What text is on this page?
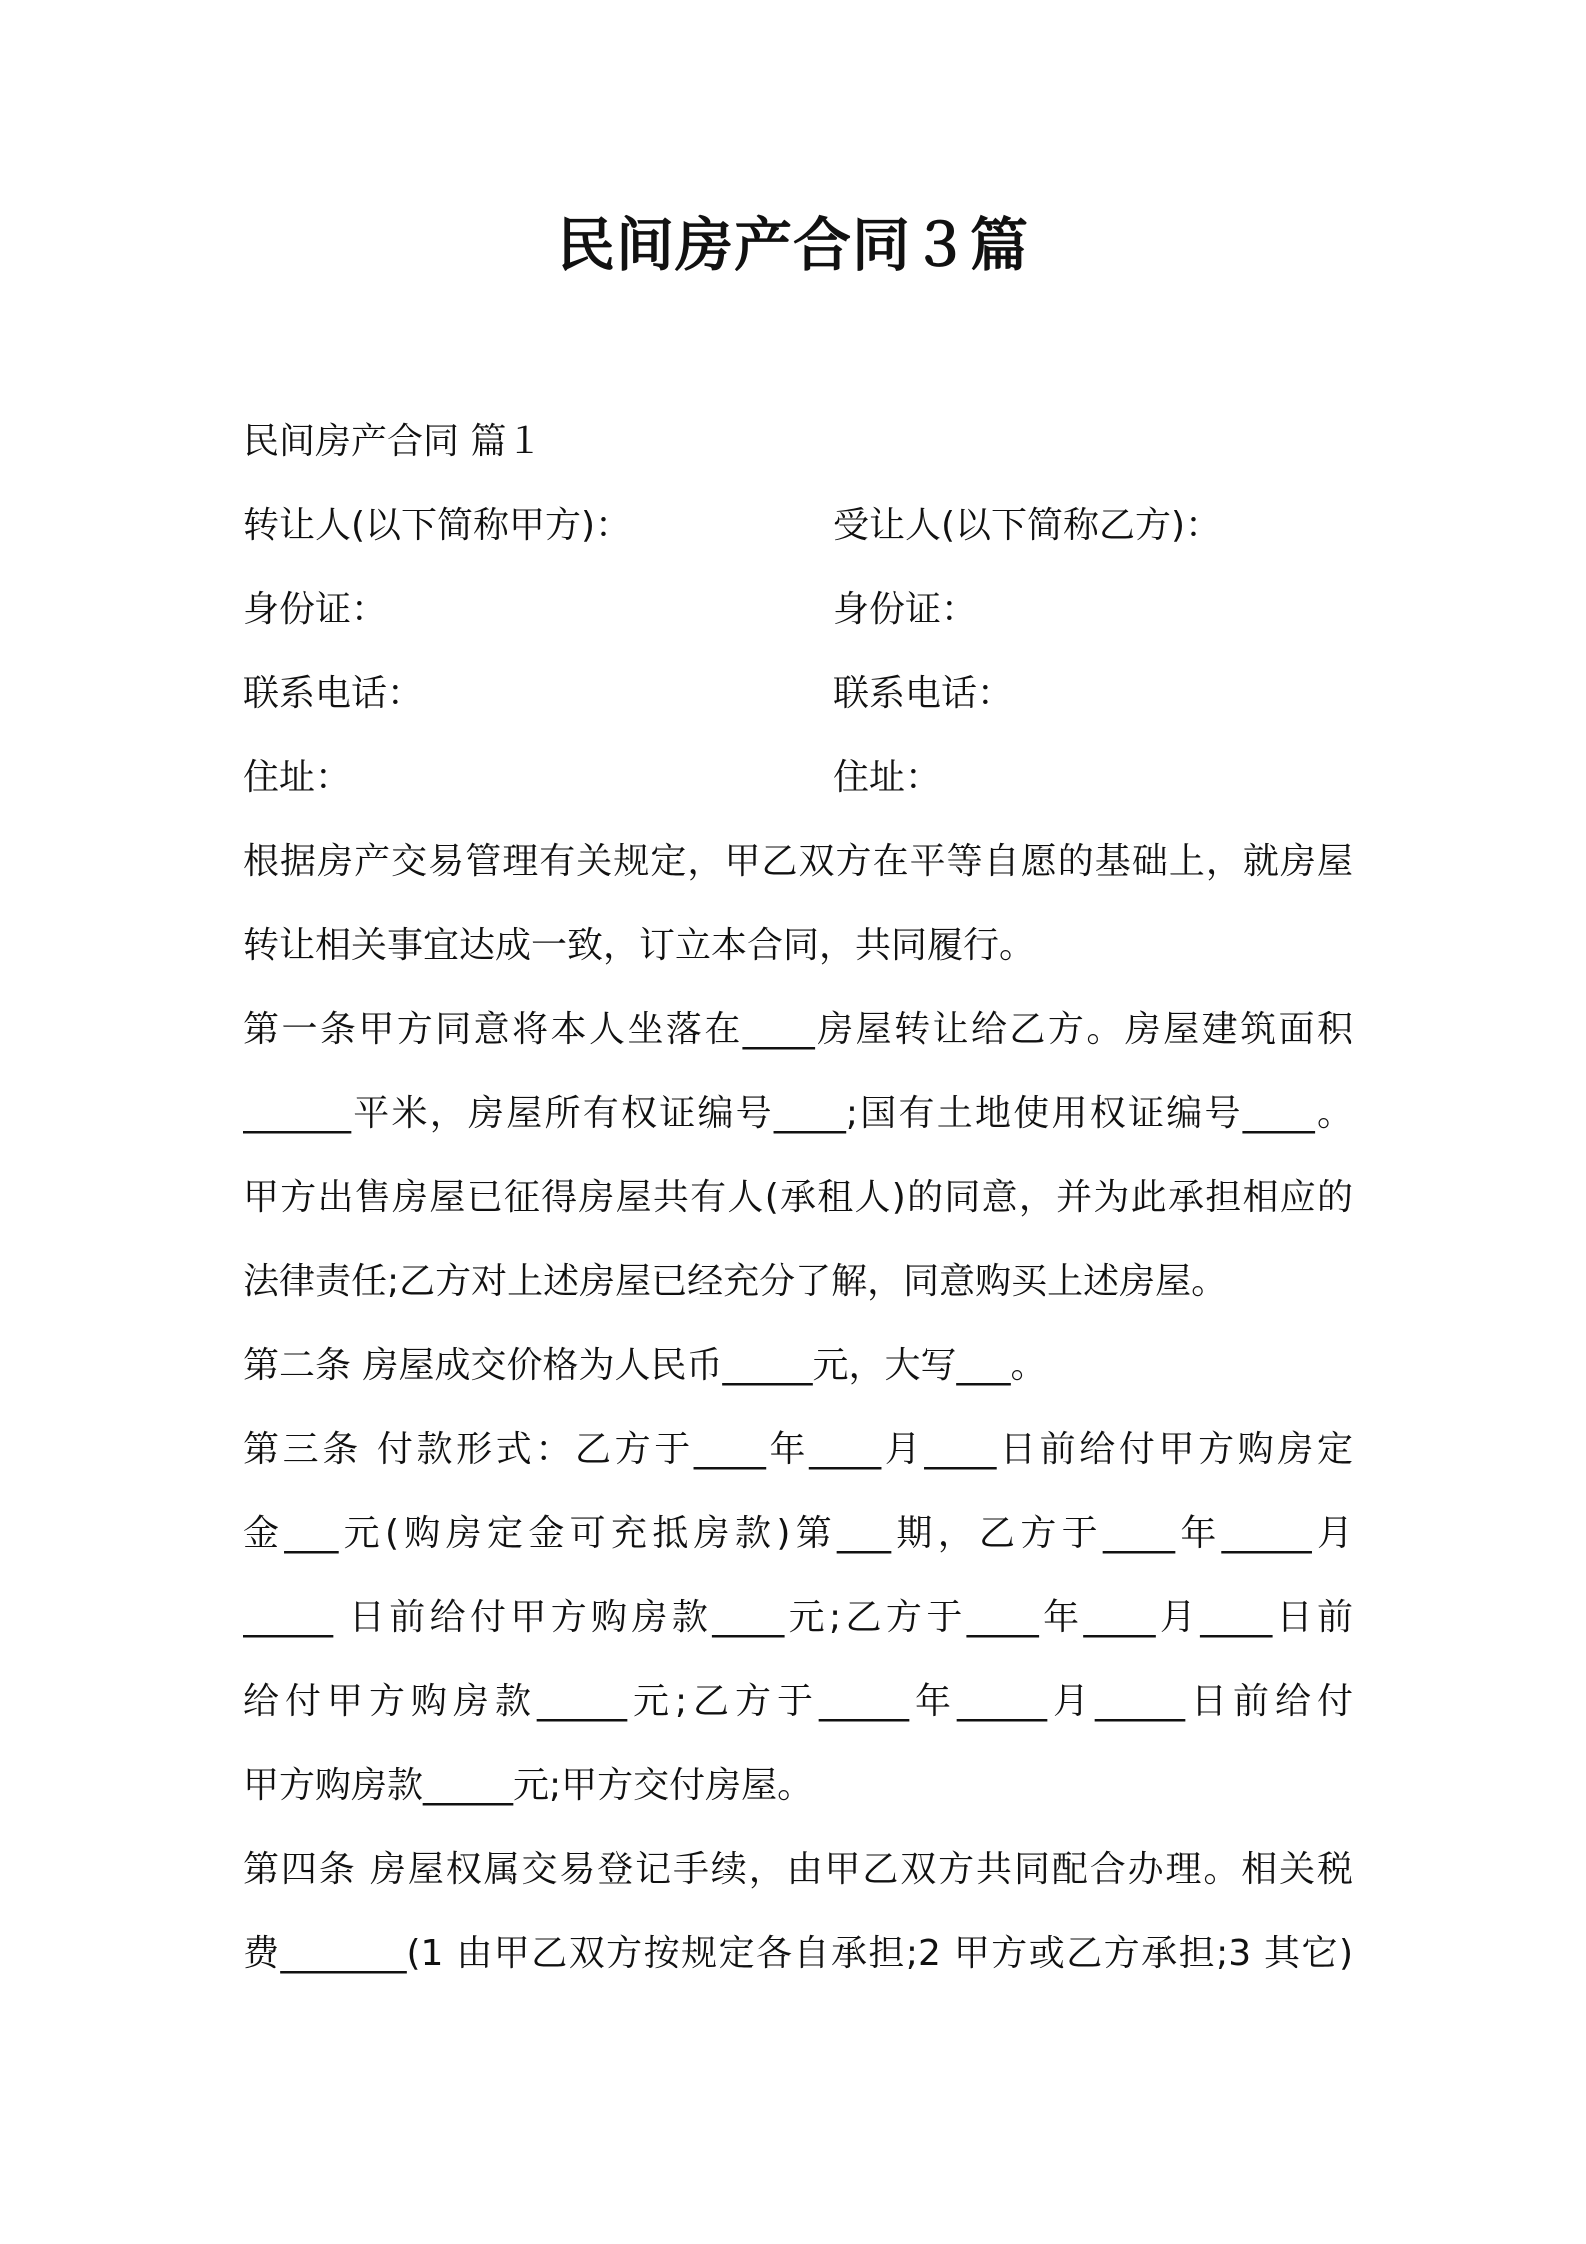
民间房产合同３篇
民间房产合同 篇１
转让人(以下简称甲方)：	受让人(以下简称乙方)：
身份证：	身份证：
联系电话：	联系电话：
住址：	住址：
根据房产交易管理有关规定，甲乙双方在平等自愿的基础上，就房屋
转让相关事宜达成一致，订立本合同，共同履行。
第一条甲方同意将本人坐落在____房屋转让给乙方。房屋建筑面积
______平米，房屋所有权证编号____;国有土地使用权证编号____。
甲方出售房屋已征得房屋共有人(承租人)的同意，并为此承担相应的
法律责任;乙方对上述房屋已经充分了解，同意购买上述房屋。
第二条 房屋成交价格为人民币_____元，大写___。
第三条 付款形式：乙方于____年____月____日前给付甲方购房定
金___元(购房定金可充抵房款)第___期，乙方于____年_____月
_____ 日前给付甲方购房款____元;乙方于____年____月____日前
给付甲方购房款_____元;乙方于_____年_____月_____日前给付
甲方购房款_____元;甲方交付房屋。
第四条 房屋权属交易登记手续，由甲乙双方共同配合办理。相关税
费_______(1 由甲乙双方按规定各自承担;2 甲方或乙方承担;3 其它)
